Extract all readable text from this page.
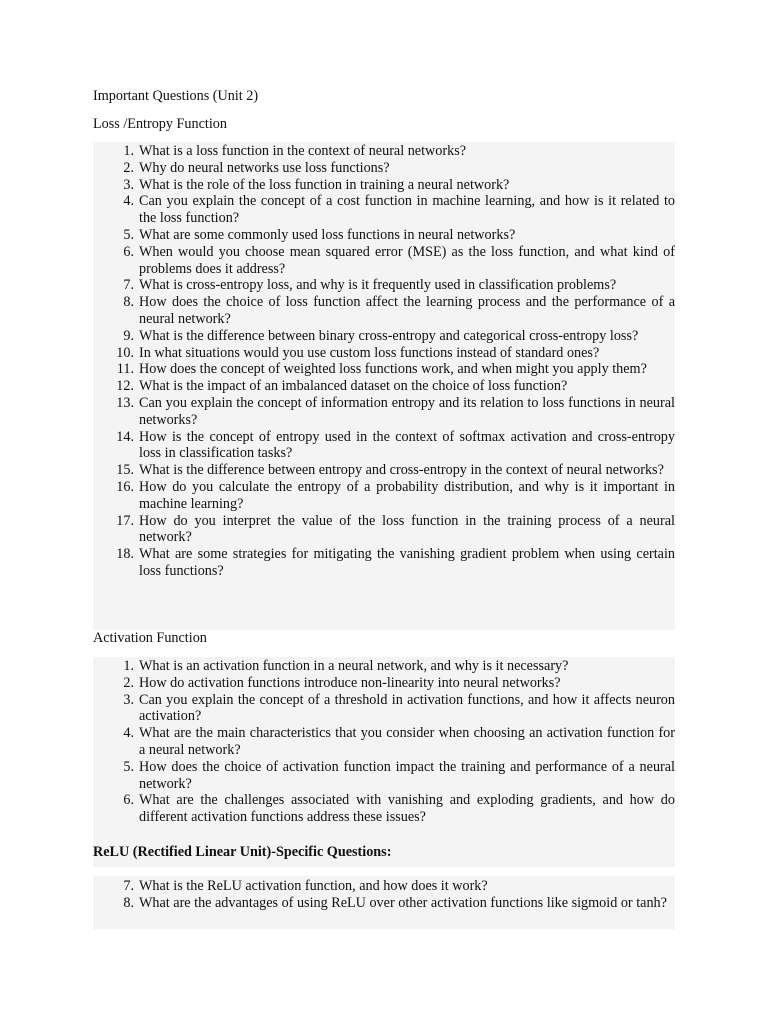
Important Questions (Unit 2)

Loss /Entropy Function

1. What is a loss function in the context of neural networks?
2. Why do neural networks use loss functions?
3. What is the role of the loss function in training a neural network?
4. Can you explain the concept of a cost function in machine learning, and how is it related to the loss function?
5. What are some commonly used loss functions in neural networks?
6. When would you choose mean squared error (MSE) as the loss function, and what kind of problems does it address?
7. What is cross-entropy loss, and why is it frequently used in classification problems?
8. How does the choice of loss function affect the learning process and the performance of a neural network?
9. What is the difference between binary cross-entropy and categorical cross-entropy loss?
10. In what situations would you use custom loss functions instead of standard ones?
11. How does the concept of weighted loss functions work, and when might you apply them?
12. What is the impact of an imbalanced dataset on the choice of loss function?
13. Can you explain the concept of information entropy and its relation to loss functions in neural networks?
14. How is the concept of entropy used in the context of softmax activation and cross-entropy loss in classification tasks?
15. What is the difference between entropy and cross-entropy in the context of neural networks?
16. How do you calculate the entropy of a probability distribution, and why is it important in machine learning?
17. How do you interpret the value of the loss function in the training process of a neural network?
18. What are some strategies for mitigating the vanishing gradient problem when using certain loss functions?

Activation Function

1. What is an activation function in a neural network, and why is it necessary?
2. How do activation functions introduce non-linearity into neural networks?
3. Can you explain the concept of a threshold in activation functions, and how it affects neuron activation?
4. What are the main characteristics that you consider when choosing an activation function for a neural network?
5. How does the choice of activation function impact the training and performance of a neural network?
6. What are the challenges associated with vanishing and exploding gradients, and how do different activation functions address these issues?

ReLU (Rectified Linear Unit)-Specific Questions:

7. What is the ReLU activation function, and how does it work?
8. What are the advantages of using ReLU over other activation functions like sigmoid or tanh?
